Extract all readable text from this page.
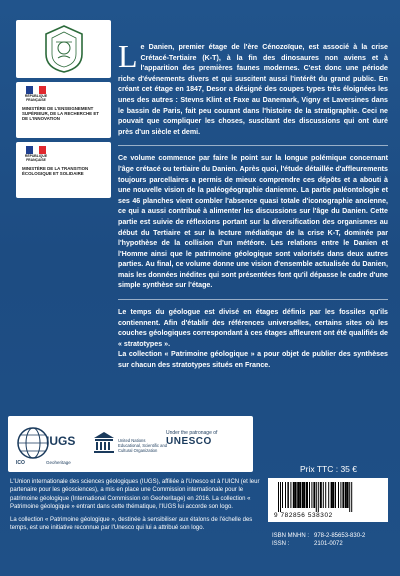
RÉPUBLIQUE FRANÇAISE
MINISTÈRE DE L'ENSEIGNEMENT SUPÉRIEUR, DE LA RECHERCHE ET DE L'INNOVATION
RÉPUBLIQUE FRANÇAISE
MINISTÈRE DE LA TRANSITION ÉCOLOGIQUE ET SOLIDAIRE
L e Danien, premier étage de l'ère Cénozoïque, est associé à la crise Crétacé-Tertiaire (K-T), à la fin des dinosaures non aviens et à l'apparition des premières faunes modernes. C'est donc une période riche d'événements divers et qui suscitent aussi l'intérêt du grand public. En créant cet étage en 1847, Desor a désigné des coupes types très éloignées les unes des autres : Stevns Klint et Faxe au Danemark, Vigny et Laversines dans le bassin de Paris, fait peu courant dans l'histoire de la stratigraphie. Ceci ne pouvait que compliquer les choses, suscitant des discussions qui ont duré près d'un siècle et demi.

Ce volume commence par faire le point sur la longue polémique concernant l'âge crétacé ou tertiaire du Danien. Après quoi, l'étude détaillée d'affleurements toujours parcellaires a permis de mieux comprendre ces dépôts et a abouti à une nouvelle vision de la paléogéographie danienne. La partie paléontologie et ses 46 planches vient combler l'absence quasi totale d'iconographie ancienne, ce qui a aussi contribué à alimenter les discussions sur l'âge du Danien. Cette partie est suivie de réflexions portant sur la diversification des organismes au début du Tertiaire et sur la lecture médiatique de la crise K-T, dominée par l'hypothèse de la collision d'un météore. Les relations entre le Danien et l'Homme ainsi que le patrimoine géologique sont valorisés dans deux autres parties. Au final, ce volume donne une vision d'ensemble actualisée du Danien, mais les données inédites qui sont présentées font qu'il dépasse le cadre d'une simple synthèse sur l'étage.

Le temps du géologue est divisé en étages définis par les fossiles qu'ils contiennent. Afin d'établir des références universelles, certains sites où les couches géologiques correspondant à ces étages affleurent ont été qualifiés de « stratotypes ».

La collection « Patrimoine géologique » a pour objet de publier des synthèses sur chacun des stratotypes situés en France.

IUGS
ICO	Geoheritage
United Nations Educational, Scientific and Cultural Organization
Under the patronage of
UNESCO

L'Union internationale des sciences géologiques (IUGS), affiliée à l'Unesco et à l'UICN (et leur partenaire pour les géosciences), a mis en place une Commission internationale pour le patrimoine géologique (International Commission on Geoheritage) en 2016. La collection « Patrimoine géologique » entrant dans cette thématique, l'IUGS lui accorde son logo.

La collection « Patrimoine géologique », destinée à sensibiliser aux étalons de l'échelle des temps, est une initiative reconnue par l'Unesco qui lui a attribué son logo.

Prix TTC : 35 €
9 782856 538302
ISBN MNHN : 978-2-85653-830-2
ISSN :	2101-0072
